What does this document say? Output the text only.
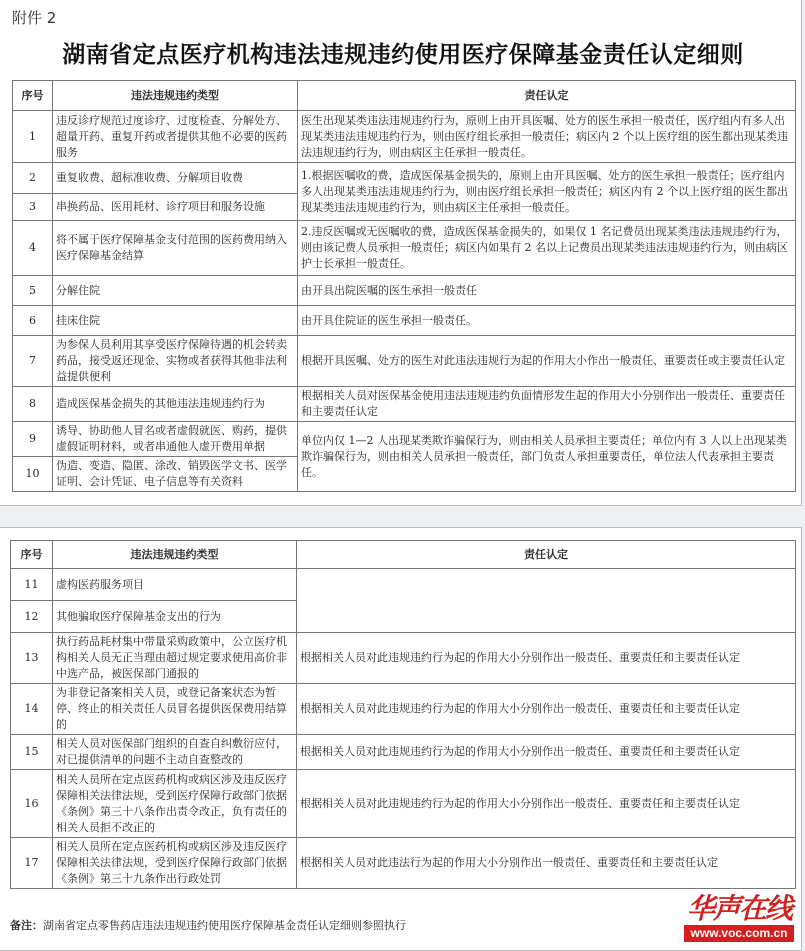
附件 2
湖南省定点医疗机构违法违规违约使用医疗保障基金责任认定细则
序号	违法违规违约类型	责任认定
1	违反诊疗规范过度诊疗、过度检查、分解处方、超量开药、重复开药或者提供其他不必要的医药服务	医生出现某类违法违规违约行为，原则上由开具医嘱、处方的医生承担一般责任，医疗组内有多人出现某类违法违规违约行为，则由医疗组长承担一般责任；病区内 2 个以上医疗组的医生都出现某类违法违规违约行为，则由病区主任承担一般责任。
2	重复收费、超标准收费、分解项目收费	1.根据医嘱收的费，造成医保基金损失的，原则上由开具医嘱、处方的医生承担一般责任；医疗组内多人出现某类违法违规违约行为，则由医疗组长承担一般责任；病区内有 2 个以上医疗组的医生都出现某类违法违规违约行为，则由病区主任承担一般责任。
3	串换药品、医用耗材、诊疗项目和服务设施	
4	将不属于医疗保障基金支付范围的医药费用纳入医疗保障基金结算	2.违反医嘱或无医嘱收的费，造成医保基金损失的，如果仅 1 名记费员出现某类违法违规违约行为，则由该记费人员承担一般责任；病区内如果有 2 名以上记费员出现某类违法违规违约行为，则由病区护士长承担一般责任。
5	分解住院	由开具出院医嘱的医生承担一般责任
6	挂床住院	由开具住院证的医生承担一般责任。
7	为参保人员利用其享受医疗保障待遇的机会转卖药品，接受返还现金、实物或者获得其他非法利益提供便利	根据开具医嘱、处方的医生对此违法违规行为起的作用大小作出一般责任、重要责任或主要责任认定
8	造成医保基金损失的其他违法违规违约行为	根据相关人员对医保基金使用违法违规违约负面情形发生起的作用大小分别作出一般责任、重要责任和主要责任认定
9	诱导、协助他人冒名或者虚假就医、购药，提供虚假证明材料，或者串通他人虚开费用单据	单位内仅 1—2 人出现某类欺诈骗保行为，则由相关人员承担主要责任；单位内有 3 人以上出现某类欺诈骗保行为，则由相关人员承担一般责任，部门负责人承担重要责任，单位法人代表承担主要责任。
10	伪造、变造、隐匿、涂改、销毁医学文书、医学证明、会计凭证、电子信息等有关资料	
序号	违法违规违约类型	责任认定
11	虚构医药服务项目	
12	其他骗取医疗保障基金支出的行为	
13	执行药品耗材集中带量采购政策中，公立医疗机构相关人员无正当理由超过规定要求使用高价非中选产品，被医保部门通报的	根据相关人员对此违规违约行为起的作用大小分别作出一般责任、重要责任和主要责任认定
14	为非登记备案相关人员，或登记备案状态为暂停、终止的相关责任人员冒名提供医保费用结算的	根据相关人员对此违规违约行为起的作用大小分别作出一般责任、重要责任和主要责任认定
15	相关人员对医保部门组织的自查自纠敷衍应付，对已提供清单的问题不主动自查整改的	根据相关人员对此违规违约行为起的作用大小分别作出一般责任、重要责任和主要责任认定
16	相关人员所在定点医药机构或病区涉及违反医疗保障相关法律法规，受到医疗保障行政部门依据《条例》第三十八条作出责令改正，负有责任的相关人员拒不改正的	根据相关人员对此违规违约行为起的作用大小分别作出一般责任、重要责任和主要责任认定
17	相关人员所在定点医药机构或病区涉及违反医疗保障相关法律法规，受到医疗保障行政部门依据《条例》第三十九条作出行政处罚	根据相关人员对此违法行为起的作用大小分别作出一般责任、重要责任和主要责任认定
备注：湖南省定点零售药店违法违规违约使用医疗保障基金责任认定细则参照执行
华声在线
www.voc.com.cn
